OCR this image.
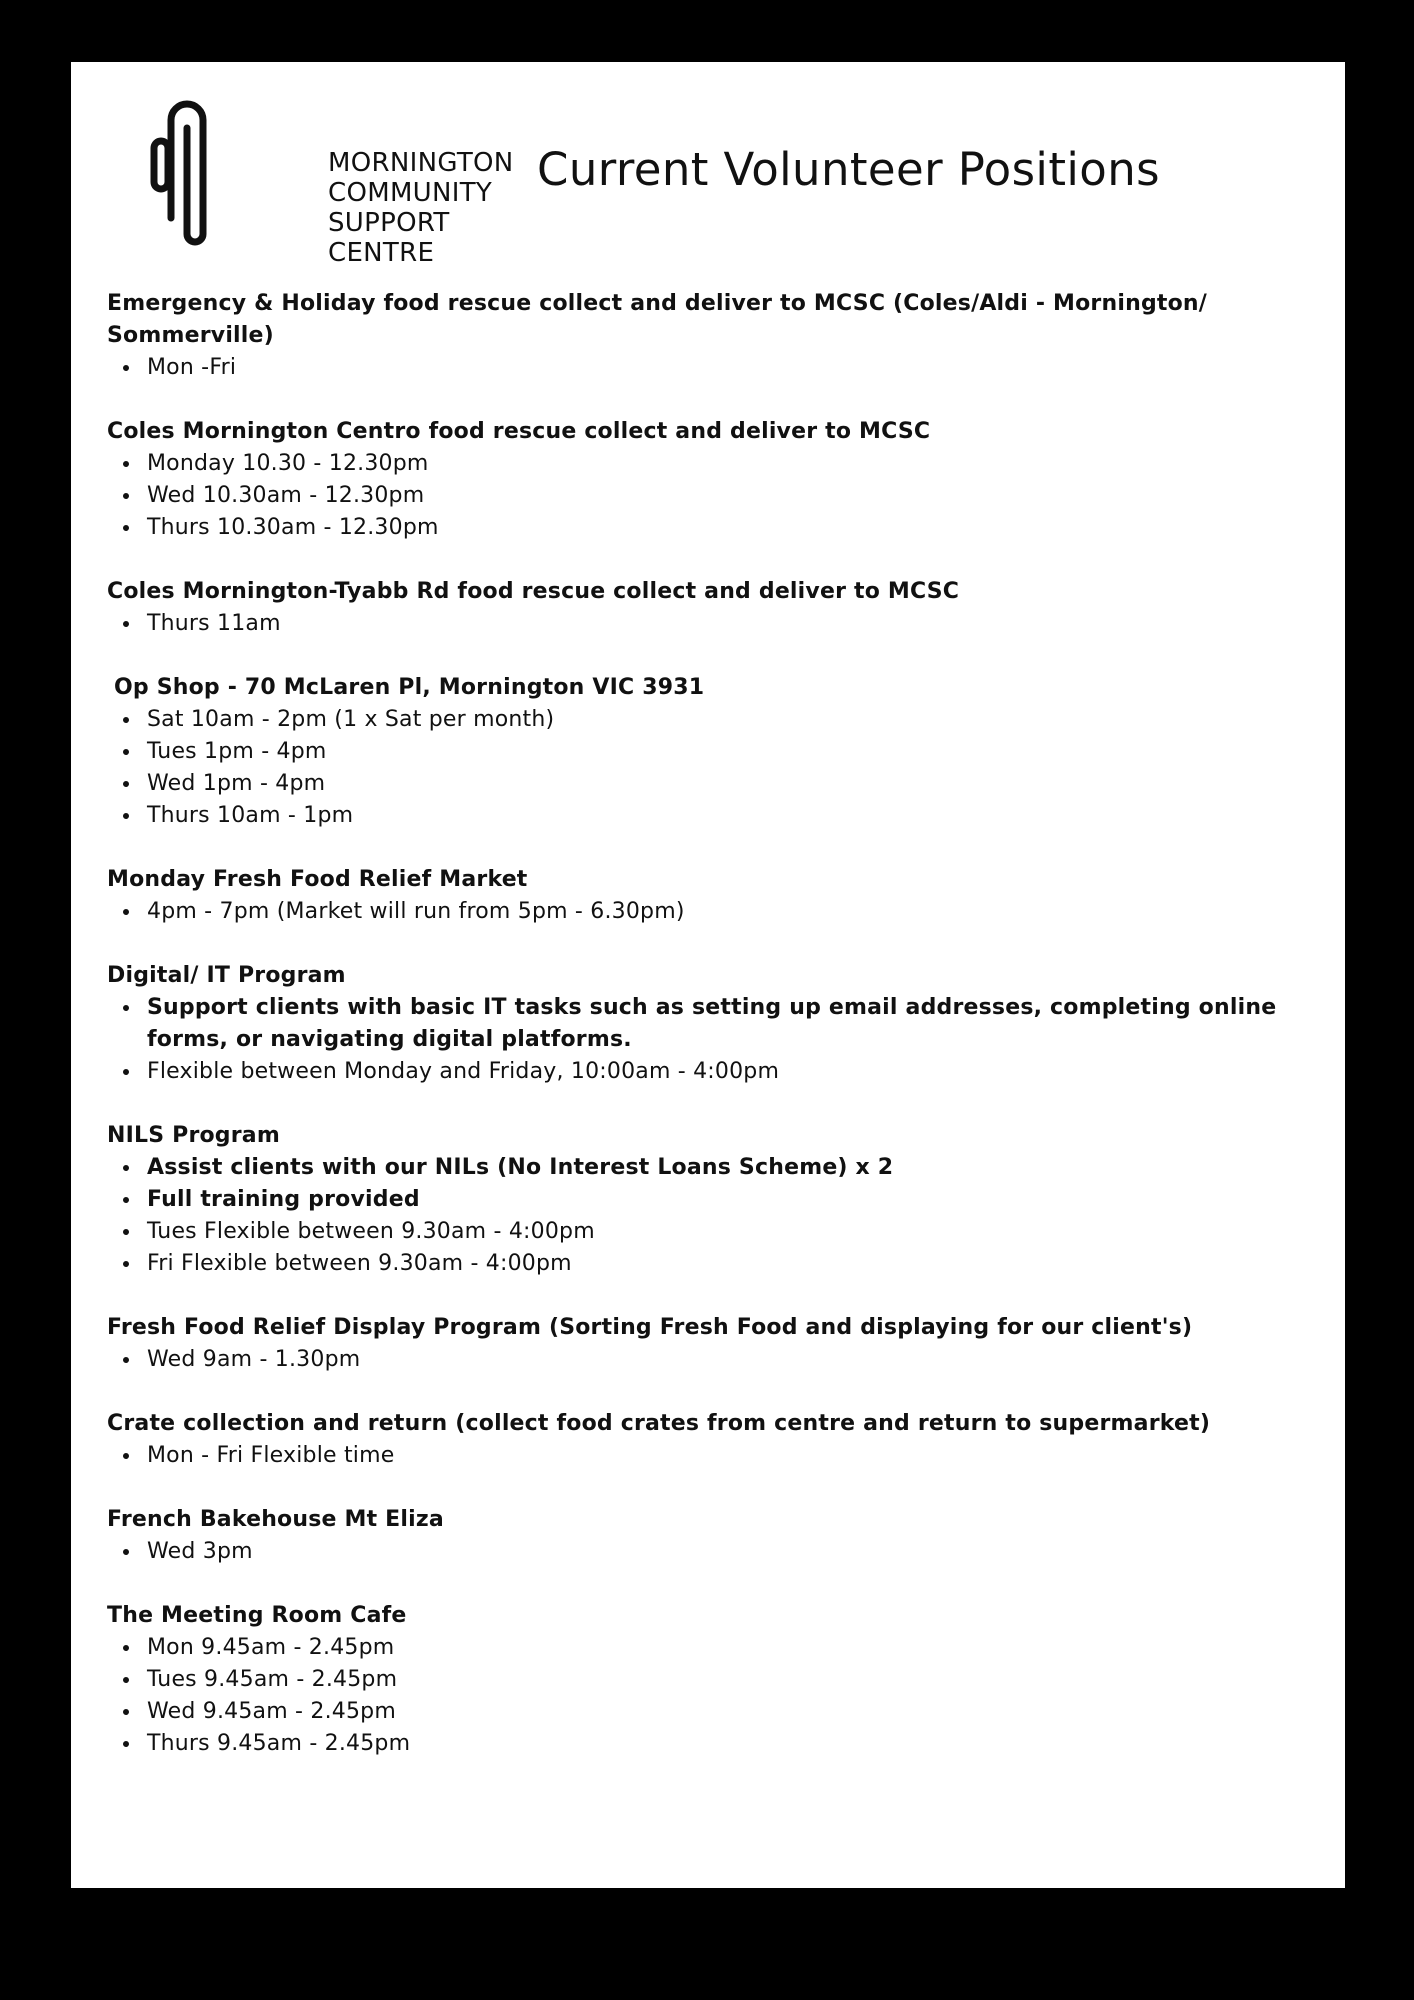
MORNINGTON
COMMUNITY
SUPPORT
CENTRE
Current Volunteer Positions

Emergency & Holiday food rescue collect and deliver to MCSC (Coles/Aldi - Mornington/ Sommerville)

Mon -Fri

Coles Mornington Centro food rescue collect and deliver to MCSC

Monday 10.30 - 12.30pm
Wed 10.30am - 12.30pm
Thurs 10.30am - 12.30pm

Coles Mornington-Tyabb Rd food rescue collect and deliver to MCSC

Thurs 11am

Op Shop - 70 McLaren Pl, Mornington VIC 3931

Sat 10am - 2pm (1 x Sat per month)
Tues 1pm - 4pm
Wed 1pm - 4pm
Thurs 10am - 1pm

Monday Fresh Food Relief Market

4pm - 7pm (Market will run from 5pm - 6.30pm)

Digital/ IT Program

Support clients with basic IT tasks such as setting up email addresses, completing online forms, or navigating digital platforms.
Flexible between Monday and Friday, 10:00am - 4:00pm

NILS Program

Assist clients with our NILs (No Interest Loans Scheme) x 2
Full training provided
Tues Flexible between 9.30am - 4:00pm
Fri Flexible between 9.30am - 4:00pm

Fresh Food Relief Display Program (Sorting Fresh Food and displaying for our client's)

Wed 9am - 1.30pm

Crate collection and return (collect food crates from centre and return to supermarket)

Mon - Fri Flexible time

French Bakehouse Mt Eliza

Wed 3pm

The Meeting Room Cafe

Mon 9.45am - 2.45pm
Tues 9.45am - 2.45pm
Wed 9.45am - 2.45pm
Thurs 9.45am - 2.45pm
